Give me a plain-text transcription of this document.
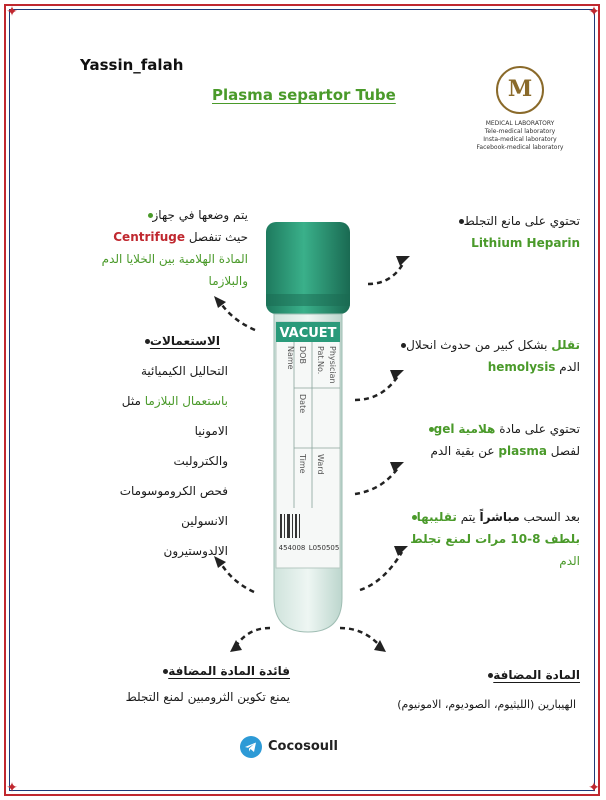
✦	✦
✦	✦
Yassin_falah
Plasma separtor Tube	M
MEDICAL LABORATORY
Tele-medical laboratory
Insta-medical laboratory
Facebook-medical laboratory
VACUET
Name DOB Pat.No.
Date
Time Ward
Physician
454008 L050505
يتم وضعها في جهاز
حيث تنفصل Centrifuge
المادة الهلامية بين الخلايا الدم
والبلازما
الاستعمالات
التحاليل الكيميائية
باستعمال البلازما مثل
الامونيا
والكترولبت
فحص الكروموسومات
الانسولين
الالدوستيرون
فائدة المادة المضافة
يمنع تكوين الثرومبين لمنع التجلط
تحتوي على مانع التجلط
Lithium Heparin
تقلل بشكل كبير من حدوث انحلال
الدم hemolysis
تحتوي على مادة هلامية gel
لفصل plasma عن بقية الدم
بعد السحب مباشراً يتم تقليبها
بلطف 8-10 مرات لمنع تجلط
الدم
المادة المضافة
الهيبارين (الليثيوم، الصوديوم، الامونيوم)
Cocosoull
